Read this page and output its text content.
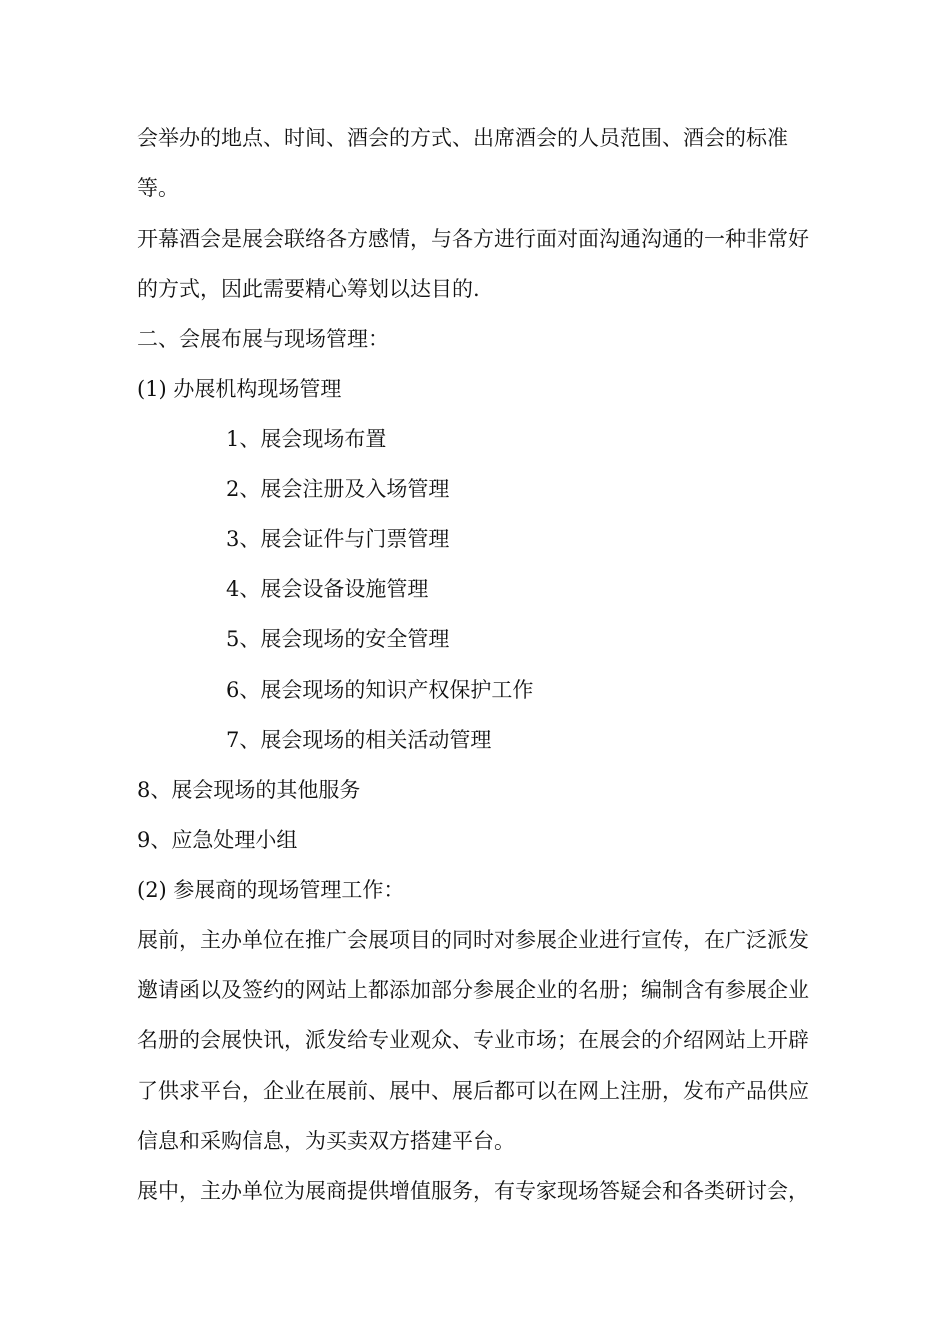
会举办的地点、时间、酒会的方式、出席酒会的人员范围、酒会的标准
等。
开幕酒会是展会联络各方感情，与各方进行面对面沟通沟通的一种非常好
的方式，因此需要精心筹划以达目的.
二、会展布展与现场管理：
(1) 办展机构现场管理
1、展会现场布置
2、展会注册及入场管理
3、展会证件与门票管理
4、展会设备设施管理
5、展会现场的安全管理
6、展会现场的知识产权保护工作
7、展会现场的相关活动管理
8、展会现场的其他服务
9、应急处理小组
(2) 参展商的现场管理工作：
展前，主办单位在推广会展项目的同时对参展企业进行宣传，在广泛派发
邀请函以及签约的网站上都添加部分参展企业的名册；编制含有参展企业
名册的会展快讯，派发给专业观众、专业市场；在展会的介绍网站上开辟
了供求平台，企业在展前、展中、展后都可以在网上注册，发布产品供应
信息和采购信息，为买卖双方搭建平台。
展中，主办单位为展商提供增值服务，有专家现场答疑会和各类研讨会，
